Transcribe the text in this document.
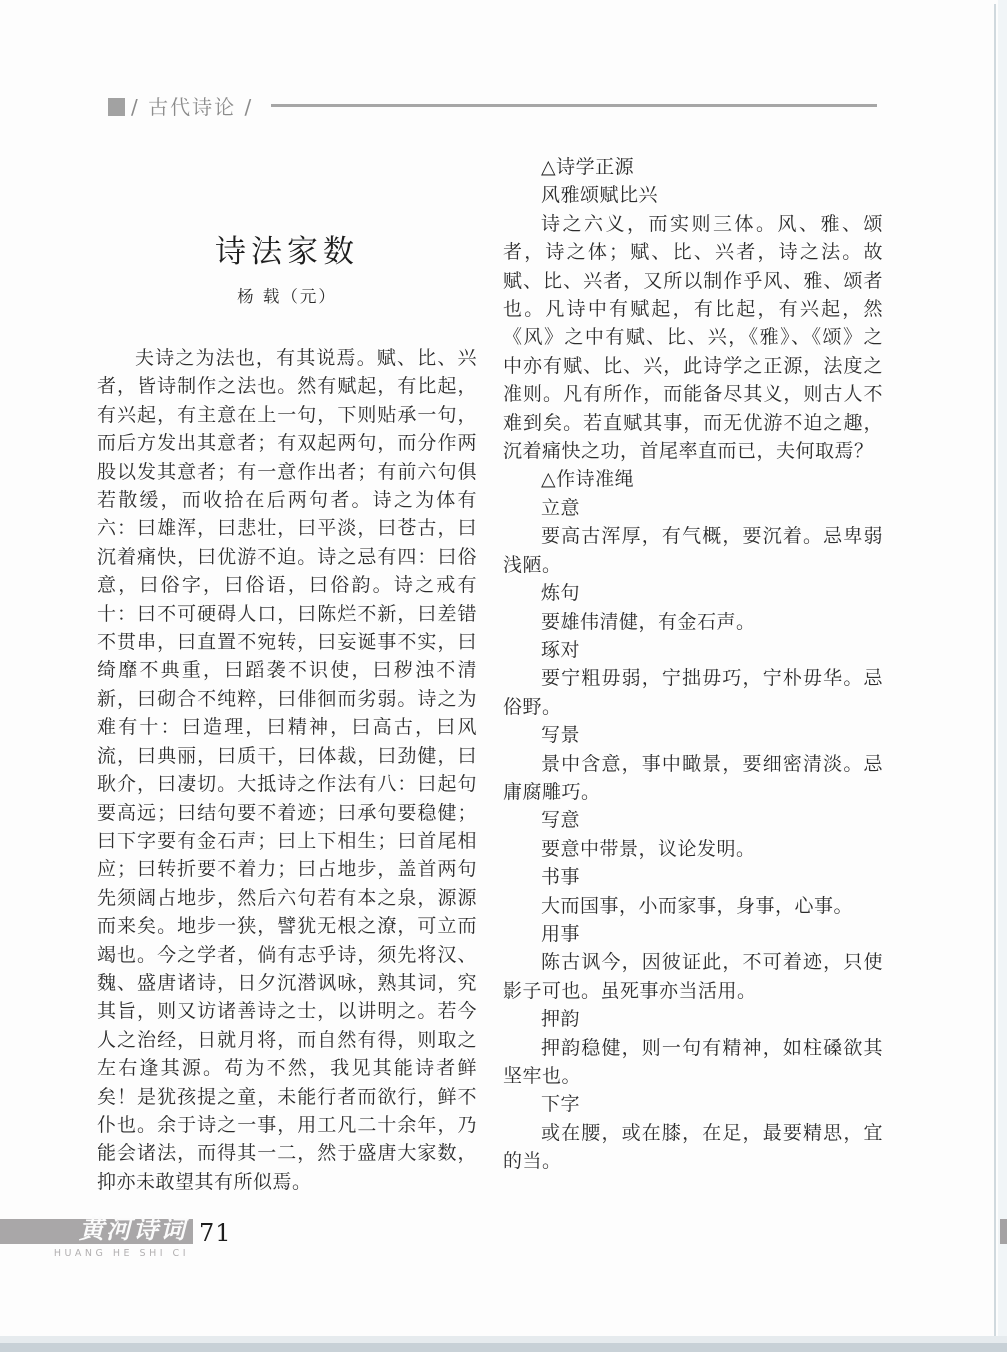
/ 古代诗论 /
诗法家数
杨 载（元）
夫诗之为法也，有其说焉。赋、比、兴者，皆诗制作之法也。然有赋起，有比起，有兴起，有主意在上一句，下则贴承一句，而后方发出其意者；有双起两句，而分作两股以发其意者；有一意作出者；有前六句俱若散缓，而收拾在后两句者。诗之为体有六：曰雄浑，曰悲壮，曰平淡，曰苍古，曰沉着痛快，曰优游不迫。诗之忌有四：曰俗意，曰俗字，曰俗语，曰俗韵。诗之戒有十：曰不可硬碍人口，曰陈烂不新，曰差错不贯串，曰直置不宛转，曰妄诞事不实，曰绮靡不典重，曰蹈袭不识使，曰秽浊不清新，曰砌合不纯粹，曰俳徊而劣弱。诗之为难有十：曰造理，曰精神，曰高古，曰风流，曰典丽，曰质干，曰体裁，曰劲健，曰耿介，曰凄切。大抵诗之作法有八：曰起句要高远；曰结句要不着迹；曰承句要稳健；曰下字要有金石声；曰上下相生；曰首尾相应；曰转折要不着力；曰占地步，盖首两句先须阔占地步，然后六句若有本之泉，源源而来矣。地步一狭，譬犹无根之潦，可立而竭也。今之学者，倘有志乎诗，须先将汉、魏、盛唐诸诗，日夕沉潜讽咏，熟其词，究其旨，则又访诸善诗之士，以讲明之。若今人之治经，日就月将，而自然有得，则取之左右逢其源。苟为不然，我见其能诗者鲜矣！是犹孩提之童，未能行者而欲行，鲜不仆也。余于诗之一事，用工凡二十余年，乃能会诸法，而得其一二，然于盛唐大家数，抑亦未敢望其有所似焉。
△诗学正源
风雅颂赋比兴
诗之六义，而实则三体。风、雅、颂者，诗之体；赋、比、兴者，诗之法。故赋、比、兴者，又所以制作乎风、雅、颂者也。凡诗中有赋起，有比起，有兴起，然《风》之中有赋、比、兴，《雅》、《颂》之中亦有赋、比、兴，此诗学之正源，法度之准则。凡有所作，而能备尽其义，则古人不难到矣。若直赋其事，而无优游不迫之趣，沉着痛快之功，首尾率直而已，夫何取焉？
△作诗准绳
立意
要高古浑厚，有气概，要沉着。忌卑弱浅陋。
炼句
要雄伟清健，有金石声。
琢对
要宁粗毋弱，宁拙毋巧，宁朴毋华。忌俗野。
写景
景中含意，事中瞰景，要细密清淡。忌庸腐雕巧。
写意
要意中带景，议论发明。
书事
大而国事，小而家事，身事，心事。
用事
陈古讽今，因彼证此，不可着迹，只使影子可也。虽死事亦当活用。
押韵
押韵稳健，则一句有精神，如柱磉欲其坚牢也。
下字
或在腰，或在膝，在足，最要精思，宜的当。
黄河诗词
HUANG HE SHI CI
71
